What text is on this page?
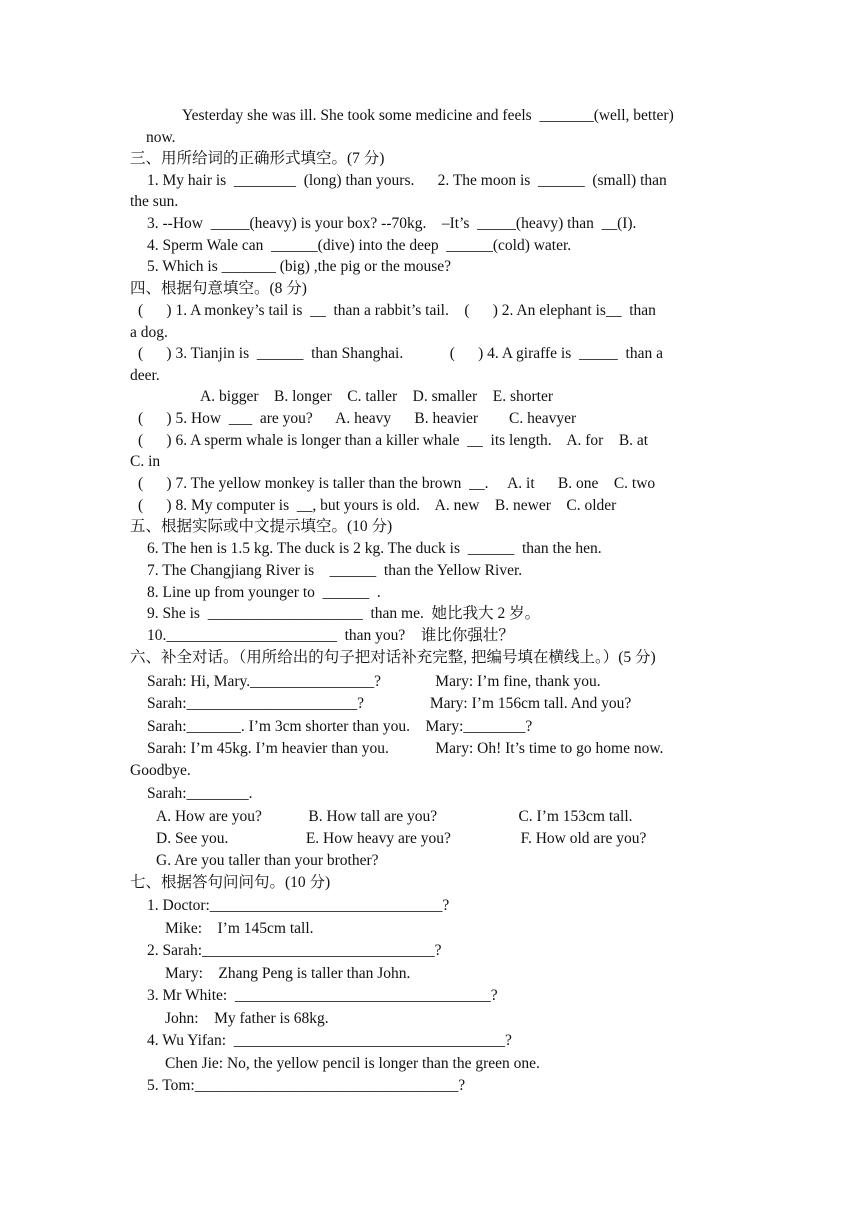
Yesterday she was ill. She took some medicine and feels  _______(well, better)
now.
三、用所给词的正确形式填空。(7 分)
1. My hair is  ________  (long) than yours.      2. The moon is  ______  (small) than
the sun.
3. --How  _____(heavy) is your box? --70kg.    –It’s  _____(heavy) than  __(I).
4. Sperm Wale can  ______(dive) into the deep  ______(cold) water.
5. Which is _______ (big) ,the pig or the mouse?
四、根据句意填空。(8 分)
(      ) 1. A monkey’s tail is  __  than a rabbit’s tail.    (      ) 2. An elephant is__  than
a dog.
(      ) 3. Tianjin is  ______  than Shanghai.            (      ) 4. A giraffe is  _____  than a
deer.
A. bigger    B. longer    C. taller    D. smaller    E. shorter
(      ) 5. How  ___  are you?      A. heavy      B. heavier        C. heavyer
(      ) 6. A sperm whale is longer than a killer whale  __  its length.    A. for    B. at
C. in
(      ) 7. The yellow monkey is taller than the brown  __.     A. it      B. one    C. two
(      ) 8. My computer is  __, but yours is old.    A. new    B. newer    C. older
五、根据实际或中文提示填空。(10 分)
6. The hen is 1.5 kg. The duck is 2 kg. The duck is  ______  than the hen.
7. The Changjiang River is    ______  than the Yellow River.
8. Line up from younger to  ______  .
9. She is  ____________________  than me.  她比我大 2 岁。
10.______________________  than you?    谁比你强壮？
六、补全对话。（用所给出的句子把对话补充完整, 把编号填在横线上。）(5 分)
Sarah: Hi, Mary.________________?              Mary: I’m fine, thank you.
Sarah:______________________?                 Mary: I’m 156cm tall. And you?
Sarah:_______. I’m 3cm shorter than you.    Mary:________?
Sarah: I’m 45kg. I’m heavier than you.            Mary: Oh! It’s time to go home now.
Goodbye.
Sarah:________.
A. How are you?            B. How tall are you?                     C. I’m 153cm tall.
D. See you.                    E. How heavy are you?                  F. How old are you?
G. Are you taller than your brother?
七、根据答句问问句。(10 分)
1. Doctor:______________________________?
Mike:    I’m 145cm tall.
2. Sarah:______________________________?
Mary:    Zhang Peng is taller than John.
3. Mr White:  _________________________________?
John:    My father is 68kg.
4. Wu Yifan:  ___________________________________?
Chen Jie: No, the yellow pencil is longer than the green one.
5. Tom:__________________________________?
